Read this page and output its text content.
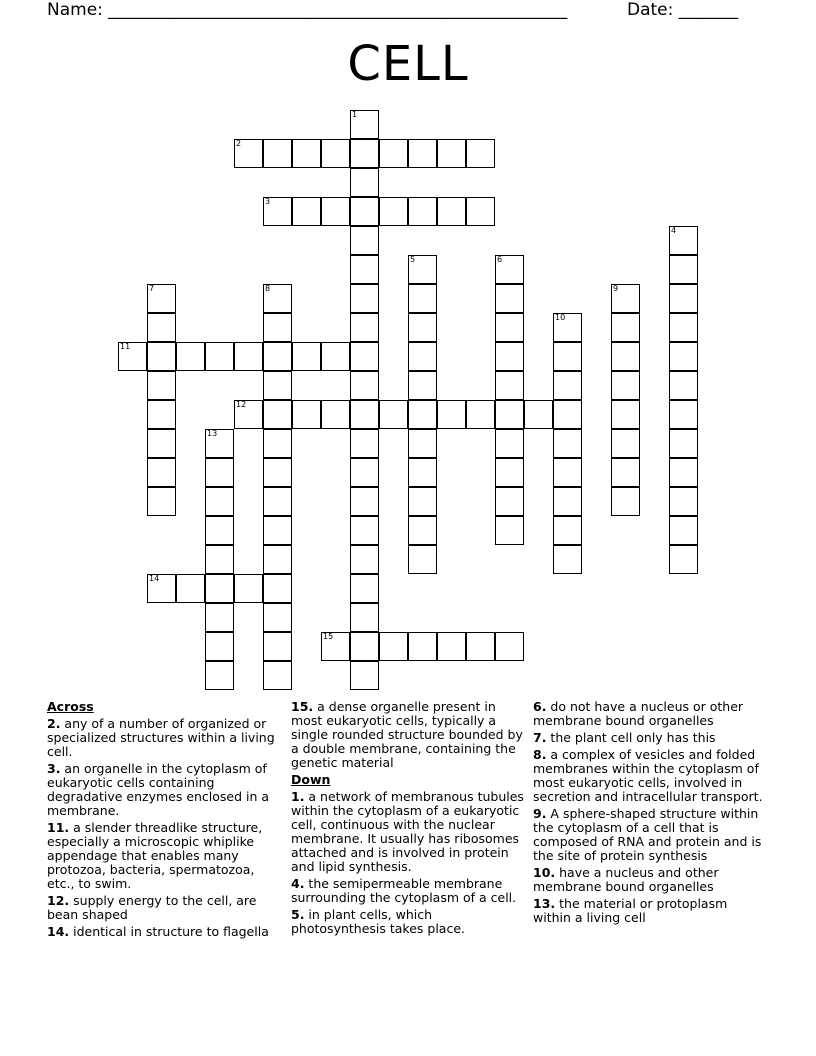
Name: ______________________________________________________	Date: _______
CELL
1
2
3
4
5	6
7	8	9
10
11
12
13
14
15
Across
2. any of a number of organized or specialized structures within a living cell.
3. an organelle in the cytoplasm of eukaryotic cells containing degradative enzymes enclosed in a membrane.
11. a slender threadlike structure, especially a microscopic whiplike appendage that enables many protozoa, bacteria, spermatozoa, etc., to swim.
12. supply energy to the cell, are bean shaped
14. identical in structure to flagella
15. a dense organelle present in most eukaryotic cells, typically a single rounded structure bounded by a double membrane, containing the genetic material
Down
1. a network of membranous tubules within the cytoplasm of a eukaryotic cell, continuous with the nuclear membrane. It usually has ribosomes attached and is involved in protein and lipid synthesis.
4. the semipermeable membrane surrounding the cytoplasm of a cell.
5. in plant cells, which photosynthesis takes place.
6. do not have a nucleus or other membrane bound organelles
7. the plant cell only has this
8. a complex of vesicles and folded membranes within the cytoplasm of most eukaryotic cells, involved in secretion and intracellular transport.
9. A sphere-shaped structure within the cytoplasm of a cell that is composed of RNA and protein and is the site of protein synthesis
10. have a nucleus and other membrane bound organelles
13. the material or protoplasm within a living cell
